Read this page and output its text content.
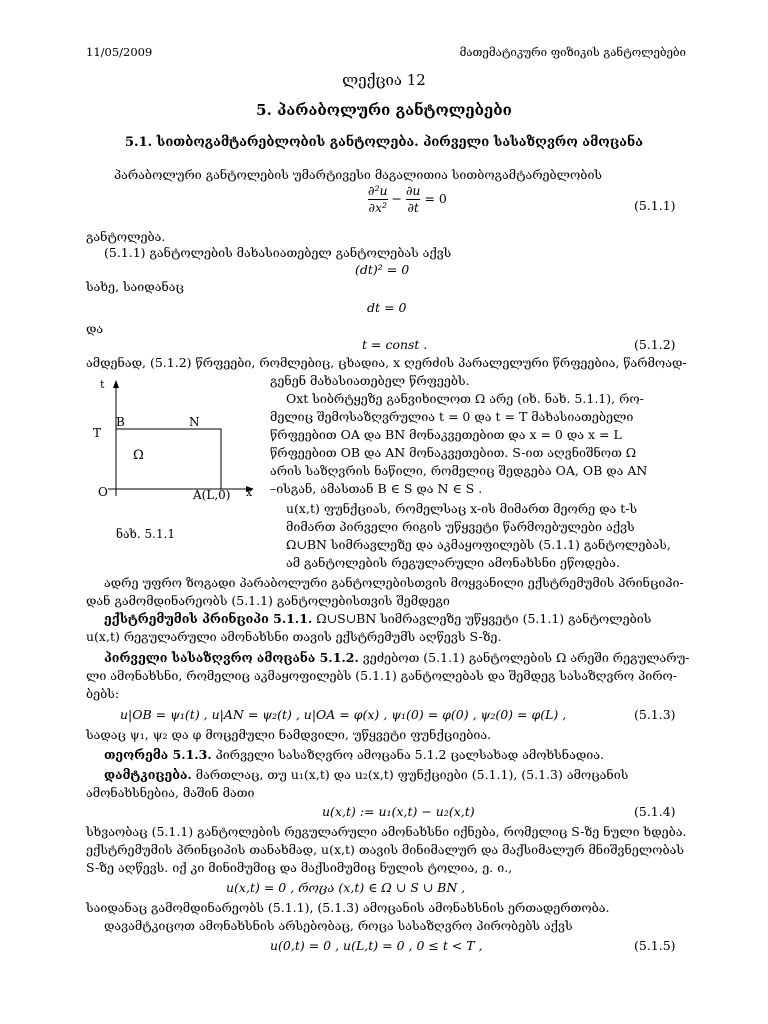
11/05/2009	მათემატიკური ფიზიკის განტოლებები
ლექცია 12
5. პარაბოლური განტოლებები
5.1. სითბოგამტარებლობის განტოლება. პირველი სასაზღვრო ამოცანა
პარაბოლური განტოლების უმარტივესი მაგალითია სითბოგამტარებლობის
$\frac{\text{∂²u}}{\text{∂x²}} - \frac{\partial u}{\partial t} = 0$	(5.1.1)
განტოლება.
(5.1.1) განტოლების მახასიათებელ განტოლებას აქვს
(dt)² = 0
სახე, საიდანაც
dt = 0
და
t = const .	(5.1.2)
ამდენად, (5.1.2) წრფეები, რომლებიც, ცხადია, x ღერძის პარალელური წრფეებია, წარმოად-
t
B	N
T
Ω
O	A(L,0) x
ნახ. 5.1.1
გენენ მახასიათებელ წრფეებს.
Oxt სიბრტყეზე განვიხილოთ Ω არე (იხ. ნახ. 5.1.1), რო-
მელიც შემოსაზღვრულია t = 0 და t = T მახასიათებელი
წრფეებით OA და BN მონაკვეთებით და x = 0 და x = L
წრფეებით OB და AN მონაკვეთებით. S-ით აღვნიშნოთ Ω
არის საზღვრის ნაწილი, რომელიც შედგება OA, OB და AN
–ისგან, ამასთან B ∈ S და N ∈ S .
u(x,t) ფუნქციას, რომელსაც x-ის მიმართ მეორე და t-ს
მიმართ პირველი რიგის უწყვეტი წარმოებულები აქვს
Ω∪BN სიმრავლეზე და აკმაყოფილებს (5.1.1) განტოლებას,
ამ განტოლების რეგულარული ამონახსნი ეწოდება.
ადრე უფრო ზოგადი პარაბოლური განტოლებისთვის მოყვანილი ექსტრემუმის პრინციპი-
დან გამომდინარეობს (5.1.1) განტოლებისთვის შემდეგი
ექსტრემუმის პრინციპი 5.1.1. Ω∪S∪BN სიმრავლეზე უწყვეტი (5.1.1) განტოლების
u(x,t) რეგულარული ამონახსნი თავის ექსტრემუმს აღწევს S-ზე.
პირველი სასაზღვრო ამოცანა 5.1.2. ვეძებოთ (5.1.1) განტოლების Ω არეში რეგულარუ-
ლი ამონახსნი, რომელიც აკმაყოფილებს (5.1.1) განტოლებას და შემდეგ სასაზღვრო პირო-
ბებს:
u|OB = ψ₁(t) , u|AN = ψ₂(t) , u|OA = φ(x) , ψ₁(0) = φ(0) , ψ₂(0) = φ(L) ,	(5.1.3)
სადაც ψ₁, ψ₂ და φ მოცემული ნამდვილი, უწყვეტი ფუნქციებია.
თეორემა 5.1.3. პირველი სასაზღვრო ამოცანა 5.1.2 ცალსახად ამოხსნადია.
დამტკიცება. მართლაც, თუ u₁(x,t) და u₂(x,t) ფუნქციები (5.1.1), (5.1.3) ამოცანის
ამონახსნებია, მაშინ მათი
u(x,t) := u₁(x,t) − u₂(x,t)	(5.1.4)
სხვაობაც (5.1.1) განტოლების რეგულარული ამონახსნი იქნება, რომელიც S-ზე ნული ხდება.
ექსტრემუმის პრინციპის თანახმად, u(x,t) თავის მინიმალურ და მაქსიმალურ მნიშვნელობას
S-ზე აღწევს. იქ კი მინიმუმიც და მაქსიმუმიც ნულის ტოლია, ე. ი.,
u(x,t) = 0 , როცა (x,t) ∈ Ω ∪ S ∪ BN ,
საიდანაც გამომდინარეობს (5.1.1), (5.1.3) ამოცანის ამონახსნის ერთადერთობა.
დავამტკიცოთ ამონახსნის არსებობაც, როცა სასაზღვრო პირობებს აქვს
u(0,t) = 0 , u(L,t) = 0 , 0 ≤ t < T ,	(5.1.5)
